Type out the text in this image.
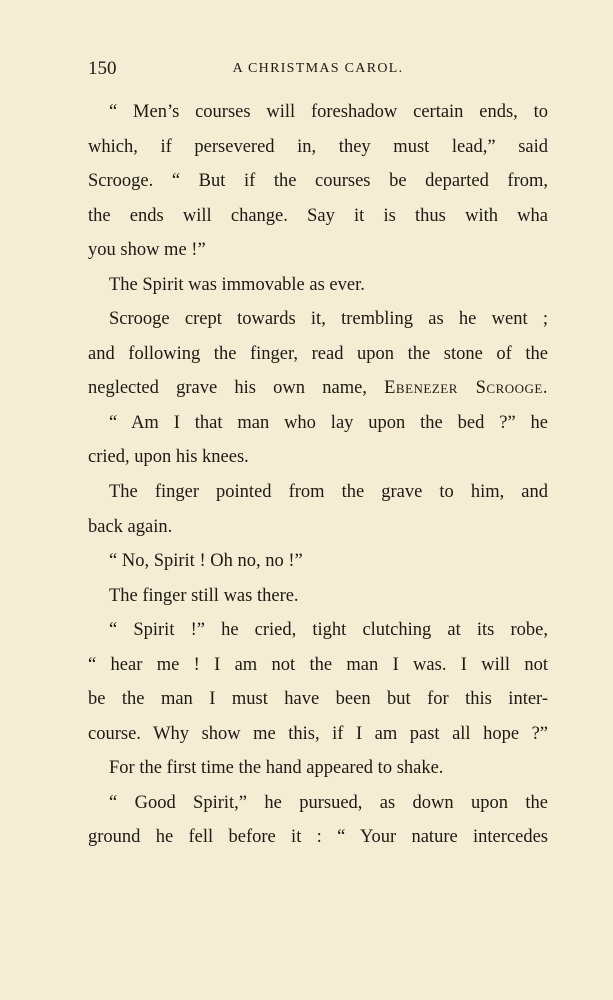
150	A CHRISTMAS CAROL.
“ Men’s courses will foreshadow certain ends, to
which, if persevered in, they must lead,” said
Scrooge. “ But if the courses be departed from,
the ends will change. Say it is thus with wha
you show me !”
The Spirit was immovable as ever.
Scrooge crept towards it, trembling as he went ;
and following the finger, read upon the stone of the
neglected grave his own name, Ebenezer Scrooge.
“ Am I that man who lay upon the bed ?” he
cried, upon his knees.
The finger pointed from the grave to him, and
back again.
“ No, Spirit ! Oh no, no !”
The finger still was there.
“ Spirit !” he cried, tight clutching at its robe,
“ hear me ! I am not the man I was. I will not
be the man I must have been but for this inter-
course. Why show me this, if I am past all hope ?”
For the first time the hand appeared to shake.
“ Good Spirit,” he pursued, as down upon the
ground he fell before it : “ Your nature intercedes
